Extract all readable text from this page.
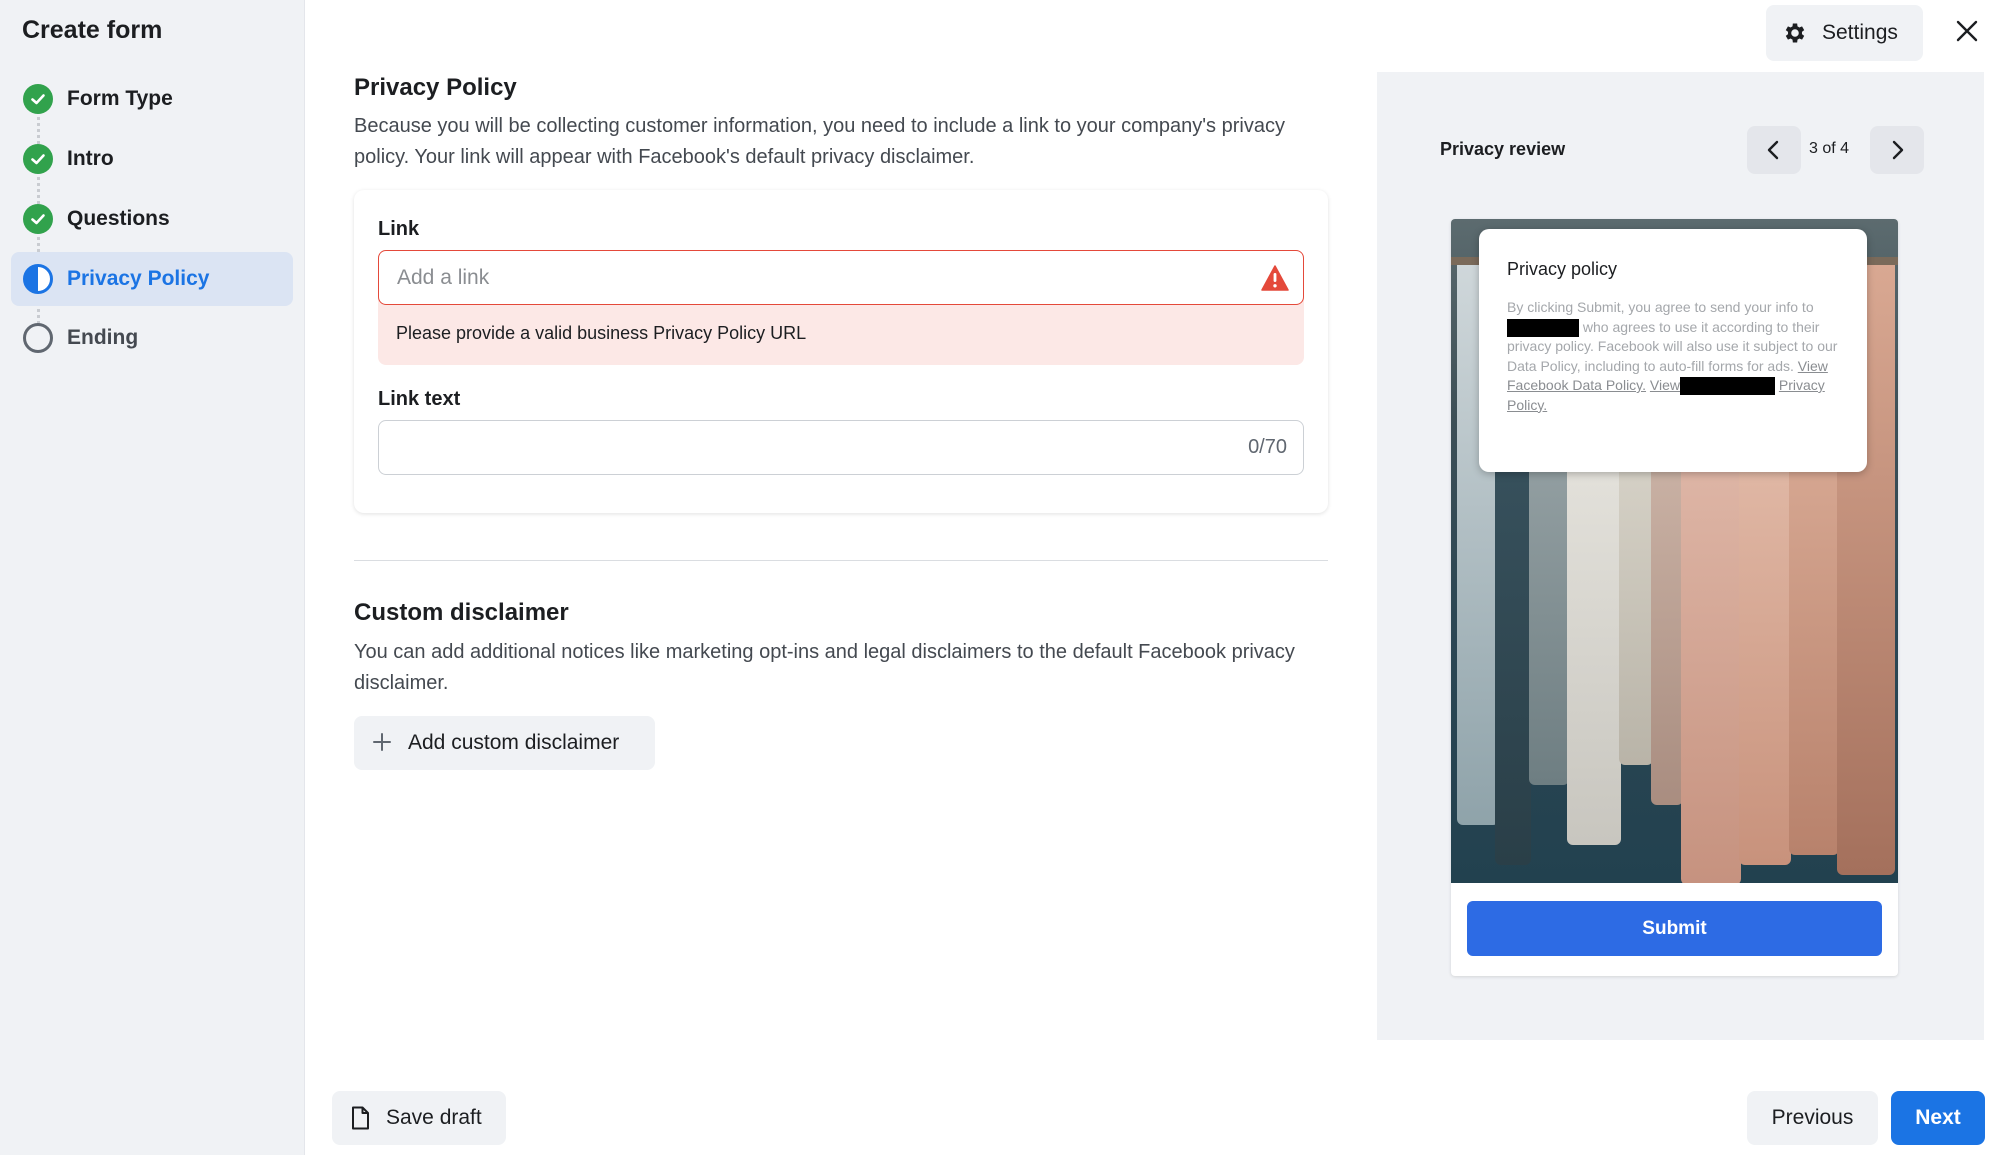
Create form
Form Type
Intro
Questions
Privacy Policy
Ending
Privacy Policy
Because you will be collecting customer information, you need to include a link to your company's privacy policy. Your link will appear with Facebook's default privacy disclaimer.
Link
Add a link
Please provide a valid business Privacy Policy URL
Link text
0/70
Custom disclaimer
You can add additional notices like marketing opt-ins and legal disclaimers to the default Facebook privacy disclaimer.
Add custom disclaimer
Settings
Privacy review	3 of 4
Privacy policy
By clicking Submit, you agree to send your info to  who agrees to use it according to their privacy policy. Facebook will also use it subject to our Data Policy, including to auto-fill forms for ads. View Facebook Data Policy. View	Privacy Policy.
Submit
Save draft	Previous	Next
